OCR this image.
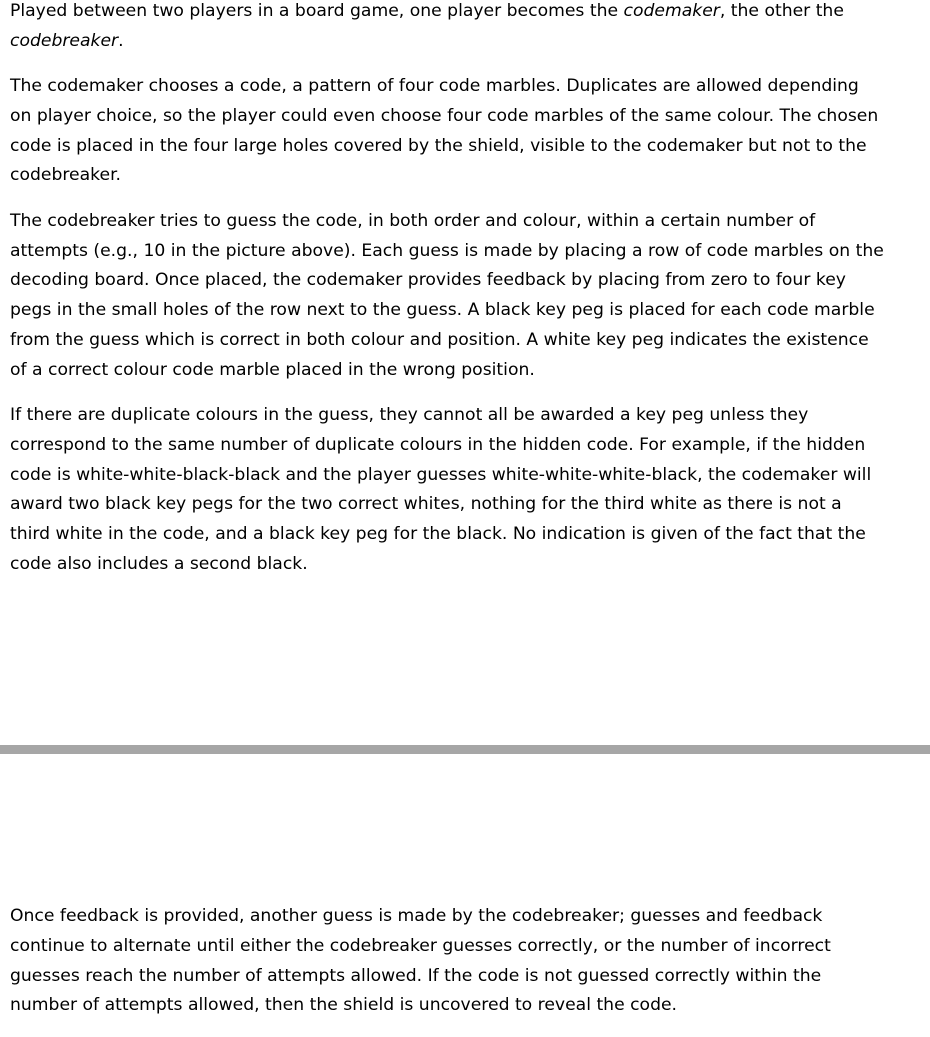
Played between two players in a board game, one player becomes the codemaker, the other the
codebreaker.

The codemaker chooses a code, a pattern of four code marbles. Duplicates are allowed depending
on player choice, so the player could even choose four code marbles of the same colour. The chosen
code is placed in the four large holes covered by the shield, visible to the codemaker but not to the
codebreaker.

The codebreaker tries to guess the code, in both order and colour, within a certain number of
attempts (e.g., 10 in the picture above). Each guess is made by placing a row of code marbles on the
decoding board. Once placed, the codemaker provides feedback by placing from zero to four key
pegs in the small holes of the row next to the guess. A black key peg is placed for each code marble
from the guess which is correct in both colour and position. A white key peg indicates the existence
of a correct colour code marble placed in the wrong position.

If there are duplicate colours in the guess, they cannot all be awarded a key peg unless they
correspond to the same number of duplicate colours in the hidden code. For example, if the hidden
code is white-white-black-black and the player guesses white-white-white-black, the codemaker will
award two black key pegs for the two correct whites, nothing for the third white as there is not a
third white in the code, and a black key peg for the black. No indication is given of the fact that the
code also includes a second black.

Once feedback is provided, another guess is made by the codebreaker; guesses and feedback
continue to alternate until either the codebreaker guesses correctly, or the number of incorrect
guesses reach the number of attempts allowed. If the code is not guessed correctly within the
number of attempts allowed, then the shield is uncovered to reveal the code.
